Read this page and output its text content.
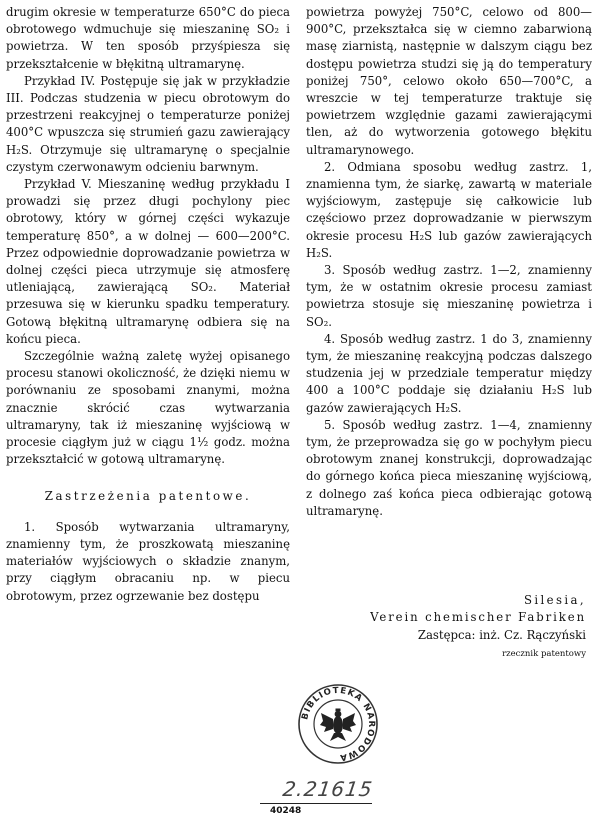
drugim okresie w temperaturze 650°C do pieca obrotowego wdmuchuje się mieszaninę SO₂ i powietrza. W ten sposób przyśpiesza się przekształcenie w błękitną ultramarynę.

Przykład IV. Postępuje się jak w przykładzie III. Podczas studzenia w piecu obrotowym do przestrzeni reakcyjnej o temperaturze poniżej 400°C wpuszcza się strumień gazu zawierający H₂S. Otrzymuje się ultramarynę o specjalnie czystym czerwonawym odcieniu barwnym.

Przykład V. Mieszaninę według przykładu I prowadzi się przez długi pochylony piec obrotowy, który w górnej części wykazuje temperaturę 850°, a w dolnej — 600—200°C. Przez odpowiednie doprowadzanie powietrza w dolnej części pieca utrzymuje się atmosferę utleniającą, zawierającą SO₂. Materiał przesuwa się w kierunku spadku temperatury. Gotową błękitną ultramarynę odbiera się na końcu pieca.

Szczególnie ważną zaletę wyżej opisanego procesu stanowi okoliczność, że dzięki niemu w porównaniu ze sposobami znanymi, można znacznie skrócić czas wytwarzania ultramaryny, tak iż mieszaninę wyjściową w procesie ciągłym już w ciągu 1½ godz. można przekształcić w gotową ultramarynę.

Zastrzeżenia patentowe.

1. Sposób wytwarzania ultramaryny, znamienny tym, że proszkowatą mieszaninę materiałów wyjściowych o składzie znanym, przy ciągłym obracaniu np. w piecu obrotowym, przez ogrzewanie bez dostępu

powietrza powyżej 750°C, celowo od 800—900°C, przekształca się w ciemno zabarwioną masę ziarnistą, następnie w dalszym ciągu bez dostępu powietrza studzi się ją do temperatury poniżej 750°, celowo około 650—700°C, a wreszcie w tej temperaturze traktuje się powietrzem względnie gazami zawierającymi tlen, aż do wytworzenia gotowego błękitu ultramarynowego.

2. Odmiana sposobu według zastrz. 1, znamienna tym, że siarkę, zawartą w materiale wyjściowym, zastępuje się całkowicie lub częściowo przez doprowadzanie w pierwszym okresie procesu H₂S lub gazów zawierających H₂S.

3. Sposób według zastrz. 1—2, znamienny tym, że w ostatnim okresie procesu zamiast powietrza stosuje się mieszaninę powietrza i SO₂.

4. Sposób według zastrz. 1 do 3, znamienny tym, że mieszaninę reakcyjną podczas dalszego studzenia jej w przedziale temperatur między 400 a 100°C poddaje się działaniu H₂S lub gazów zawierających H₂S.

5. Sposób według zastrz. 1—4, znamienny tym, że przeprowadza się go w pochyłym piecu obrotowym znanej konstrukcji, doprowadzając do górnego końca pieca mieszaninę wyjściową, z dolnego zaś końca pieca odbierając gotową ultramarynę.

Silesia,
Verein chemischer Fabriken
Zastępca: inż. Cz. Rączyński
rzecznik patentowy
BIBLIOTEKA NARODOWA
2.21615
40248
